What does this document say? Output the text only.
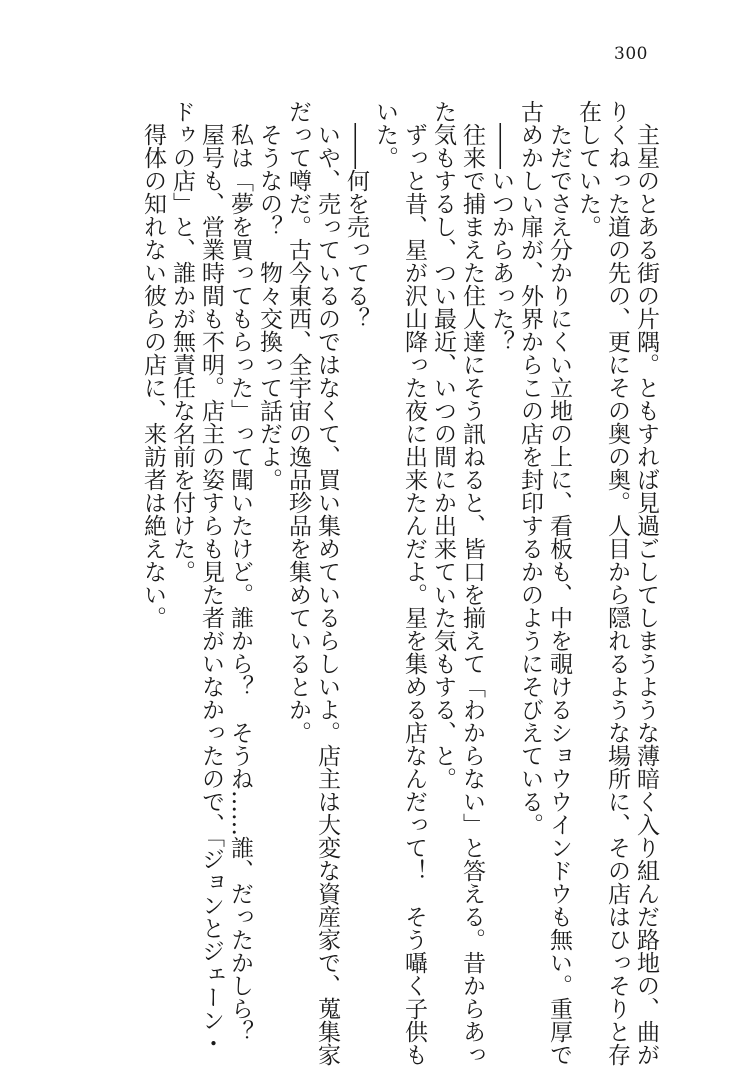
300
　主星のとある街の片隅。ともすれば見過ごしてしまうような薄暗く入り組んだ路地の、曲が
りくねった道の先の、更にその奥の奥。人目から隠れるような場所に、その店はひっそりと存
在していた。
　ただでさえ分かりにくい立地の上に、看板も、中を覗けるショウウインドウも無い。重厚で
古めかしい扉が、外界からこの店を封印するかのようにそびえている。
　――いつからあった？
　往来で捕まえた住人達にそう訊ねると、皆口を揃えて「わからない」と答える。昔からあっ
た気もするし、つい最近、いつの間にか出来ていた気もする、と。
　ずっと昔、星が沢山降った夜に出来たんだよ。星を集める店なんだって！　そう囁く子供も
いた。
　――何を売ってる？
　いや、売っているのではなくて、買い集めているらしいよ。店主は大変な資産家で、蒐集家
だって噂だ。古今東西、全宇宙の逸品珍品を集めているとか。
　そうなの？　物々交換って話だよ。
　私は「夢を買ってもらった」って聞いたけど。誰から？　そうね……誰、だったかしら？
　屋号も、営業時間も不明。店主の姿すらも見た者がいなかったので、「ジョンとジェーン・
ドゥの店」と、誰かが無責任な名前を付けた。
　得体の知れない彼らの店に、来訪者は絶えない。
